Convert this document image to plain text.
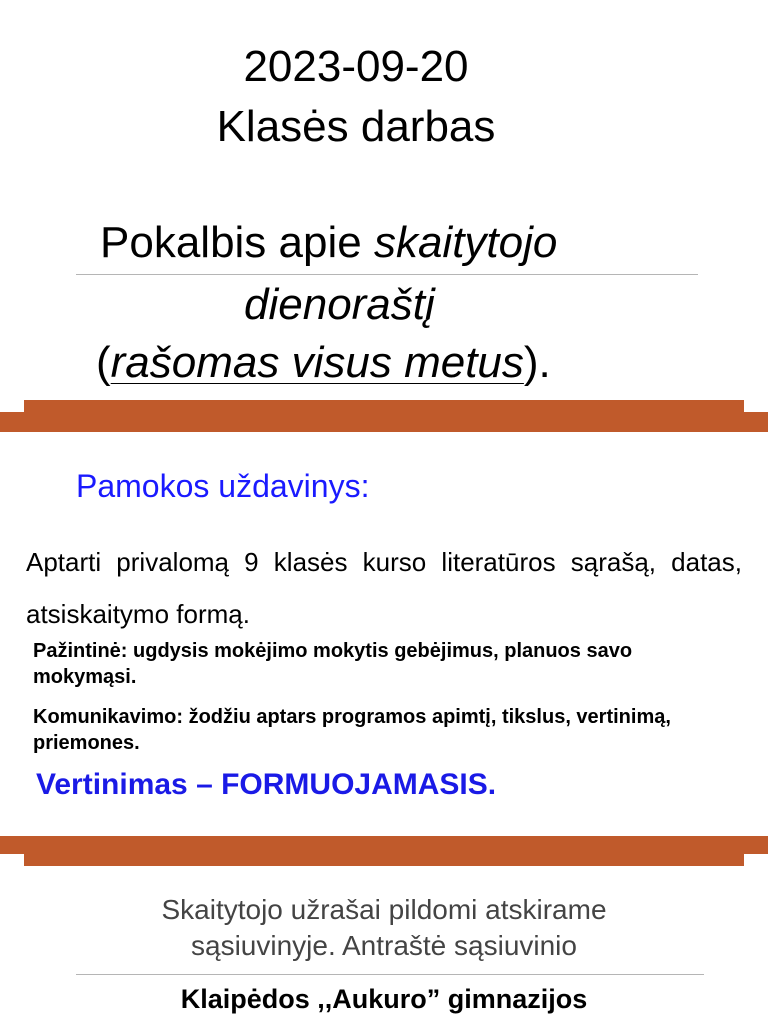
2023-09-20
Klasės darbas
Pokalbis apie skaitytojo
dienoraštį
(rašomas visus metus).
Pamokos uždavinys:
Aptarti privalomą 9 klasės kurso literatūros sąrašą, datas, atsiskaitymo formą.
Pažintinė: ugdysis mokėjimo mokytis gebėjimus, planuos savo mokymąsi.
Komunikavimo: žodžiu aptars programos apimtį, tikslus, vertinimą, priemones.
Vertinimas – FORMUOJAMASIS.
Skaitytojo užrašai pildomi atskirame
sąsiuvinyje. Antraštė sąsiuvinio
Klaipėdos ,,Aukuro” gimnazijos
